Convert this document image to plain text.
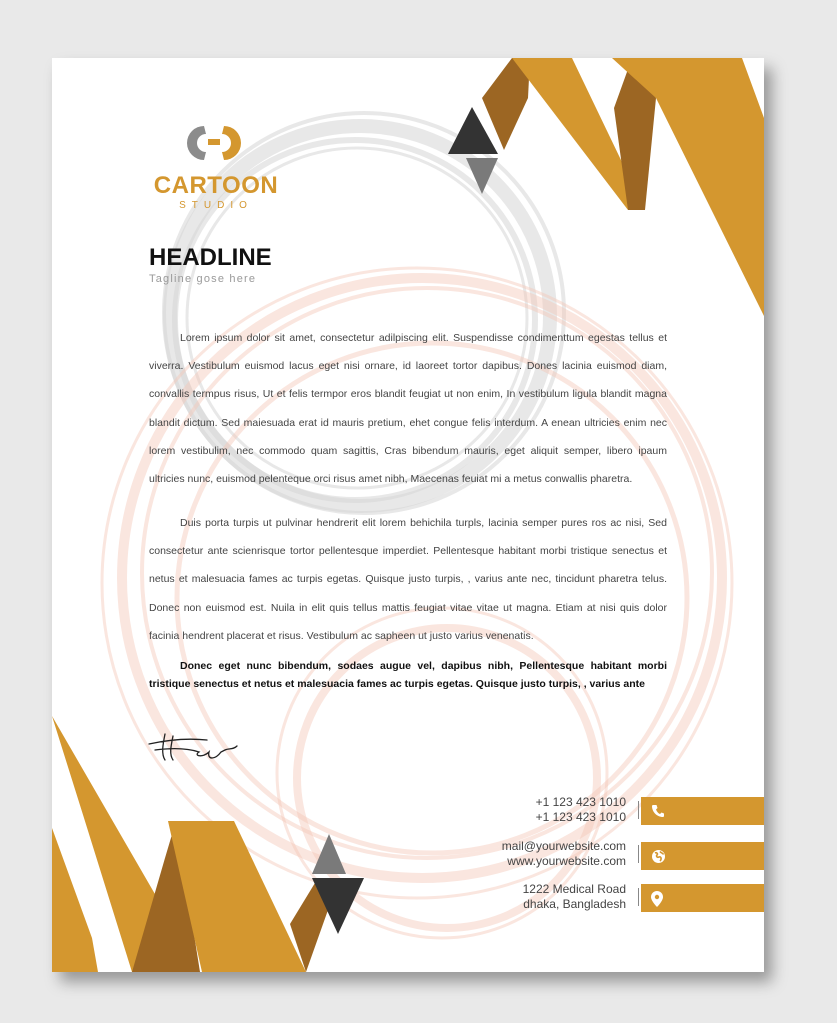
CARTOON
STUDIO
HEADLINE
Tagline gose here

Lorem ipsum dolor sit amet, consectetur adilpiscing elit. Suspendisse condimenttum egestas tellus et viverra. Vestibulum euismod lacus eget nisi ornare, id laoreet tortor dapibus. Dones lacinia euismod diam, convallis termpus risus, Ut et felis termpor eros blandit feugiat ut non enim, In vestibulum ligula blandit magna blandit dictum. Sed maiesuada erat id mauris pretium, ehet congue felis interdum. A enean ultricies enim nec lorem vestibulim, nec commodo quam sagittis, Cras bibendum mauris, eget aliquit semper, libero ipaum ultricies nunc, euismod pelenteque orci risus amet nibh, Maecenas feuiat mi a metus conwallis pharetra.

Duis porta turpis ut pulvinar hendrerit elit lorem behichila turpls, lacinia semper pures ros ac nisi, Sed consectetur ante scienrisque tortor pellentesque imperdiet. Pellentesque habitant morbi tristique senectus et netus et malesuacia fames ac turpis egetas. Quisque justo turpis, , varius ante nec, tincidunt pharetra telus. Donec non euismod est. Nuila in elit quis tellus mattis feugiat vitae vitae ut magna. Etiam at nisi quis dolor facinia hendrent placerat et risus. Vestibulum ac sapheen ut justo varius venenatis.

Donec eget nunc bibendum, sodaes augue vel, dapibus nibh, Pellentesque habitant morbi tristique senectus et netus et malesuacia fames ac turpis egetas. Quisque justo turpis, , varius ante

+1 123 423 1010
+1 123 423 1010
mail@yourwebsite.com
www.yourwebsite.com
1222 Medical Road
dhaka, Bangladesh
